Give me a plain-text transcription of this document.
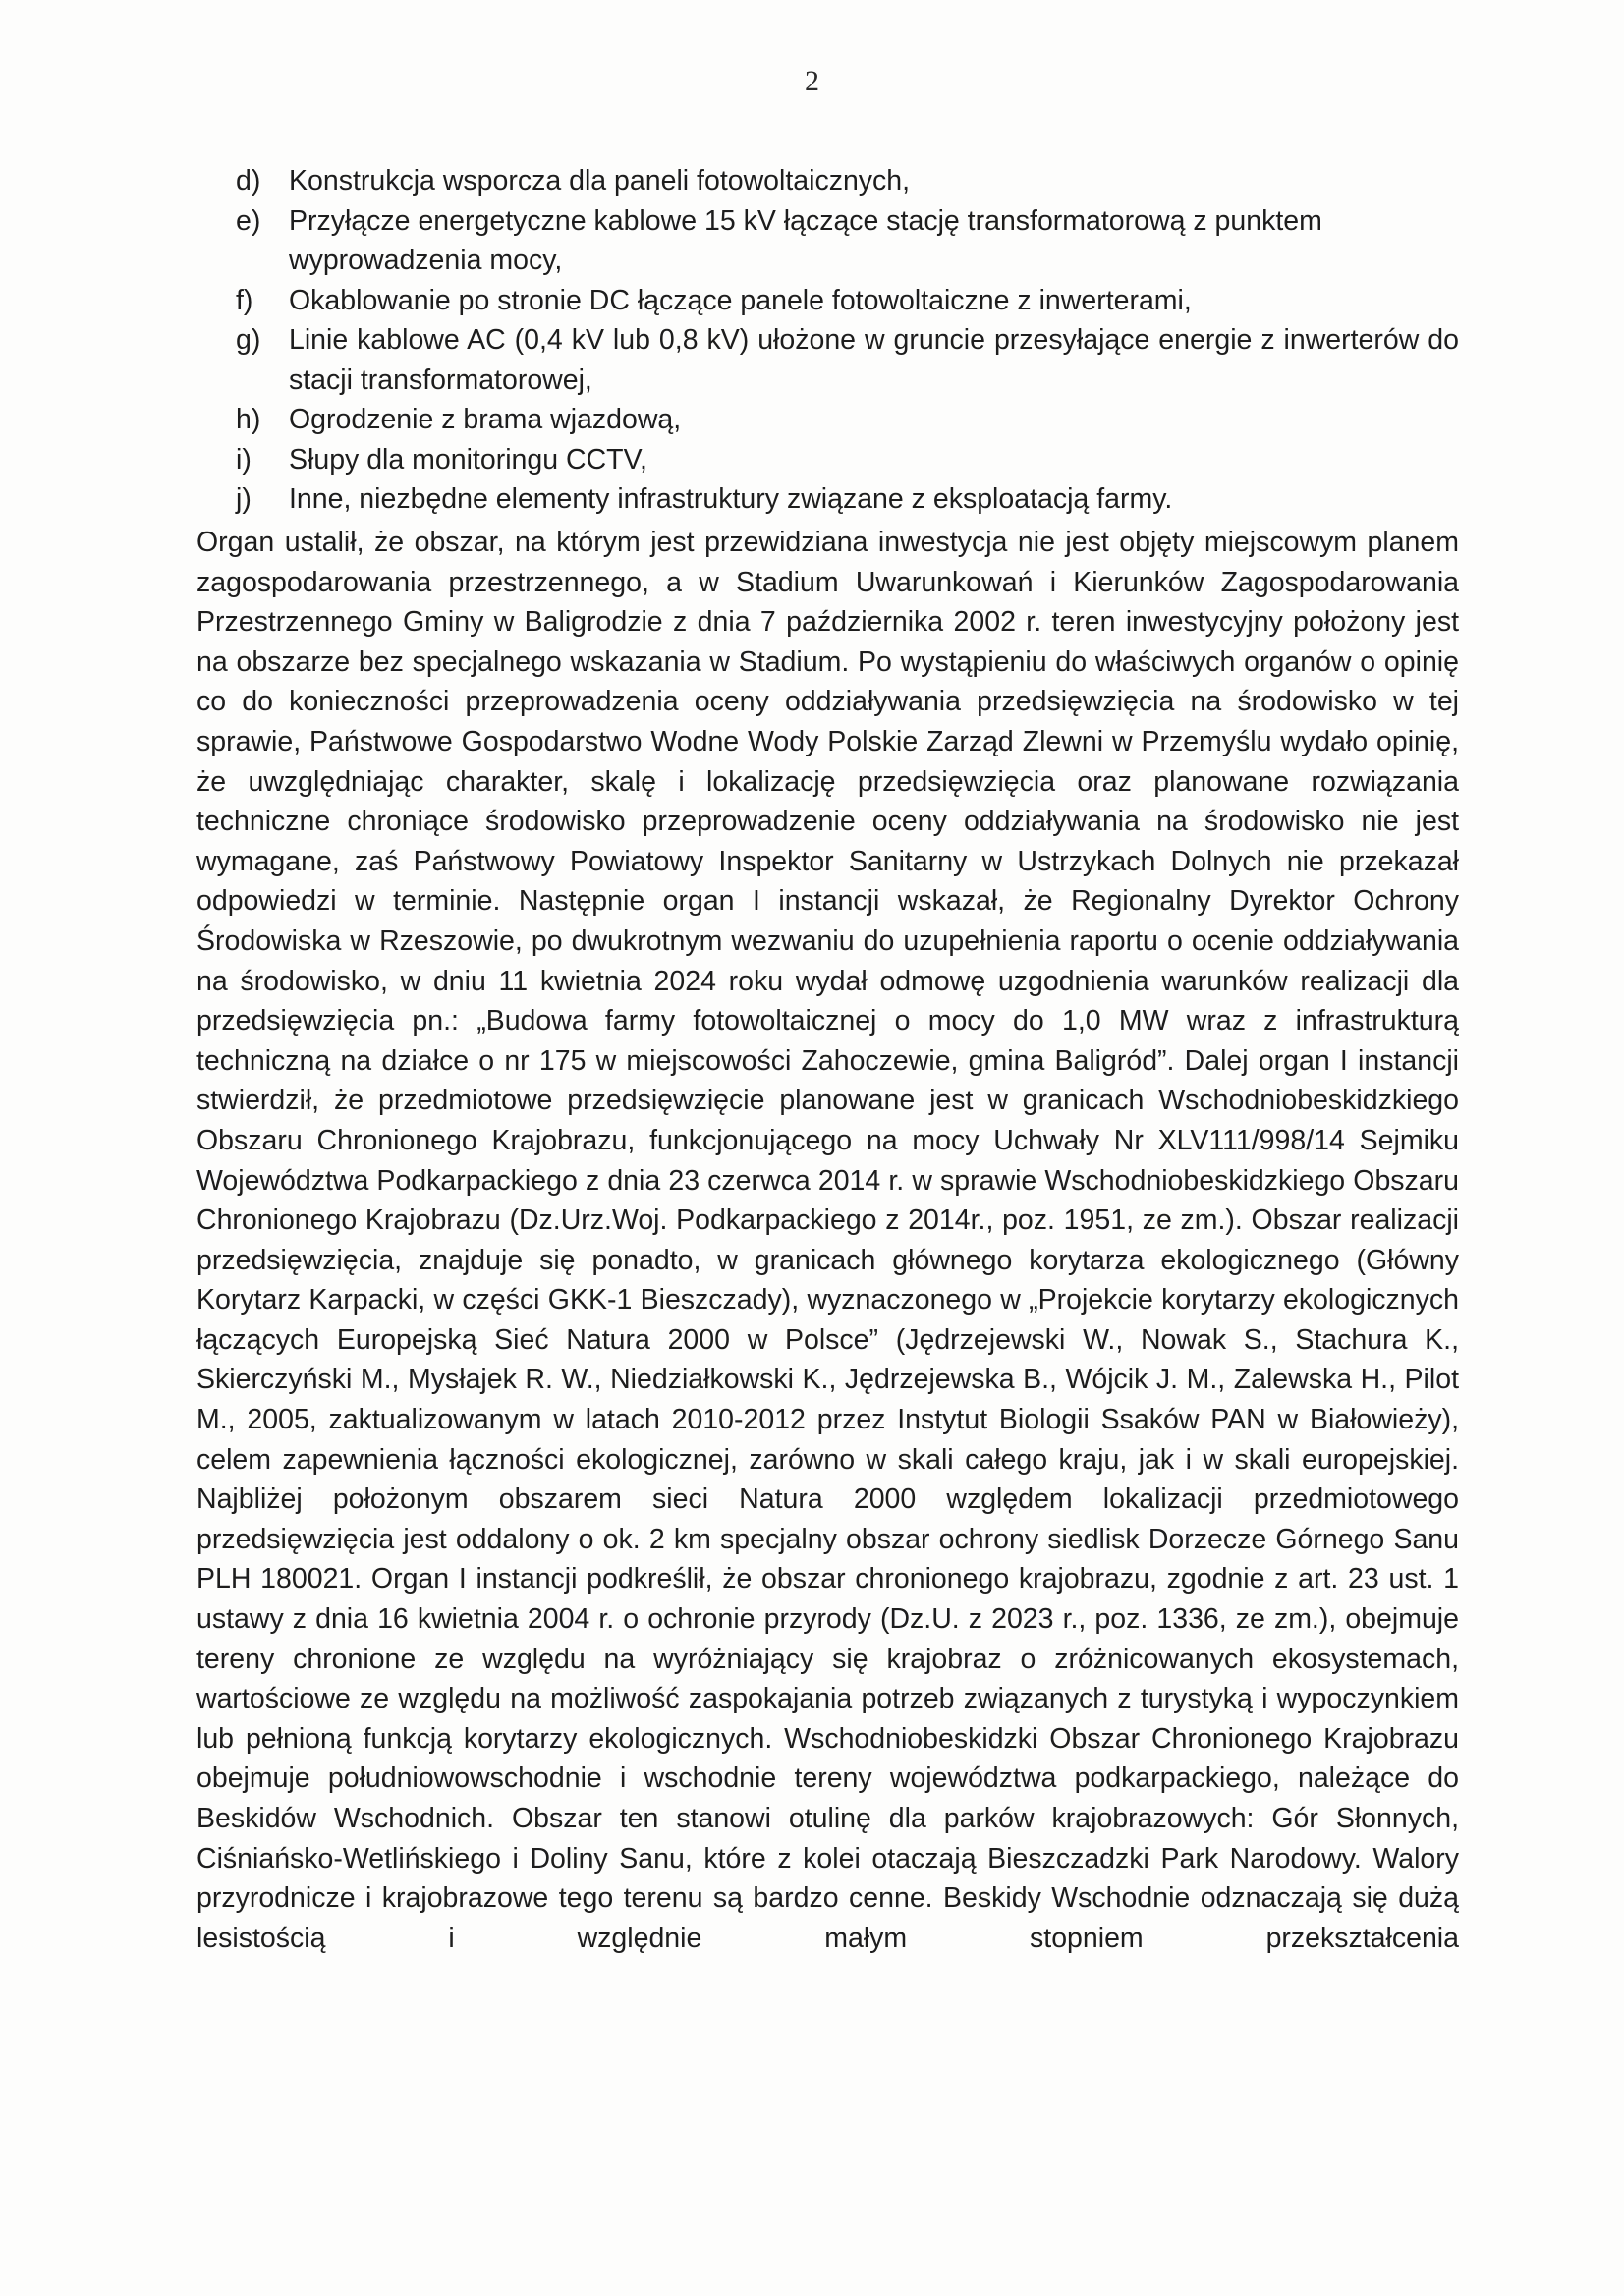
2
d)	Konstrukcja wsporcza dla paneli fotowoltaicznych,
e)	Przyłącze energetyczne kablowe 15 kV łączące stację transformatorową z punktem wyprowadzenia mocy,
f)	Okablowanie po stronie DC łączące panele fotowoltaiczne z inwerterami,
g)	Linie kablowe AC (0,4 kV lub 0,8 kV) ułożone w gruncie przesyłające energie z inwerterów do stacji transformatorowej,
h)	Ogrodzenie z brama wjazdową,
i)	Słupy dla monitoringu CCTV,
j)	Inne, niezbędne elementy infrastruktury związane z eksploatacją farmy.

Organ ustalił, że obszar, na którym jest przewidziana inwestycja nie jest objęty miejscowym planem zagospodarowania przestrzennego, a w Stadium Uwarunkowań i Kierunków Zagospodarowania Przestrzennego Gminy w Baligrodzie z dnia 7 października 2002 r. teren inwestycyjny położony jest na obszarze bez specjalnego wskazania w Stadium. Po wystąpieniu do właściwych organów o opinię co do konieczności przeprowadzenia oceny oddziaływania przedsięwzięcia na środowisko w tej sprawie, Państwowe Gospodarstwo Wodne Wody Polskie Zarząd Zlewni w Przemyślu wydało opinię, że uwzględniając charakter, skalę i lokalizację przedsięwzięcia oraz planowane rozwiązania techniczne chroniące środowisko przeprowadzenie oceny oddziaływania na środowisko nie jest wymagane, zaś Państwowy Powiatowy Inspektor Sanitarny w Ustrzykach Dolnych nie przekazał odpowiedzi w terminie. Następnie organ I instancji wskazał, że Regionalny Dyrektor Ochrony Środowiska w Rzeszowie, po dwukrotnym wezwaniu do uzupełnienia raportu o ocenie oddziaływania na środowisko, w dniu 11 kwietnia 2024 roku wydał odmowę uzgodnienia warunków realizacji dla przedsięwzięcia pn.: „Budowa farmy fotowoltaicznej o mocy do 1,0 MW wraz z infrastrukturą techniczną na działce o nr 175 w miejscowości Zahoczewie, gmina Baligród”. Dalej organ I instancji stwierdził, że przedmiotowe przedsięwzięcie planowane jest w granicach Wschodniobeskidzkiego Obszaru Chronionego Krajobrazu, funkcjonującego na mocy Uchwały Nr XLV111/998/14 Sejmiku Województwa Podkarpackiego z dnia 23 czerwca 2014 r. w sprawie Wschodniobeskidzkiego Obszaru Chronionego Krajobrazu (Dz.Urz.Woj. Podkarpackiego z 2014r., poz. 1951, ze zm.). Obszar realizacji przedsięwzięcia, znajduje się ponadto, w granicach głównego korytarza ekologicznego (Główny Korytarz Karpacki, w części GKK-1 Bieszczady), wyznaczonego w „Projekcie korytarzy ekologicznych łączących Europejską Sieć Natura 2000 w Polsce” (Jędrzejewski W., Nowak S., Stachura K., Skierczyński M., Mysłajek R. W., Niedziałkowski K., Jędrzejewska B., Wójcik J. M., Zalewska H., Pilot M., 2005, zaktualizowanym w latach 2010-2012 przez Instytut Biologii Ssaków PAN w Białowieży), celem zapewnienia łączności ekologicznej, zarówno w skali całego kraju, jak i w skali europejskiej. Najbliżej położonym obszarem sieci Natura 2000 względem lokalizacji przedmiotowego przedsięwzięcia jest oddalony o ok. 2 km specjalny obszar ochrony siedlisk Dorzecze Górnego Sanu PLH 180021. Organ I instancji podkreślił, że obszar chronionego krajobrazu, zgodnie z art. 23 ust. 1 ustawy z dnia 16 kwietnia 2004 r. o ochronie przyrody (Dz.U. z 2023 r., poz. 1336, ze zm.), obejmuje tereny chronione ze względu na wyróżniający się krajobraz o zróżnicowanych ekosystemach, wartościowe ze względu na możliwość zaspokajania potrzeb związanych z turystyką i wypoczynkiem lub pełnioną funkcją korytarzy ekologicznych. Wschodniobeskidzki Obszar Chronionego Krajobrazu obejmuje południowowschodnie i wschodnie tereny województwa podkarpackiego, należące do Beskidów Wschodnich. Obszar ten stanowi otulinę dla parków krajobrazowych: Gór Słonnych, Ciśniańsko-Wetlińskiego i Doliny Sanu, które z kolei otaczają Bieszczadzki Park Narodowy. Walory przyrodnicze i krajobrazowe tego terenu są bardzo cenne. Beskidy Wschodnie odznaczają się dużą lesistością i względnie małym stopniem przekształcenia
